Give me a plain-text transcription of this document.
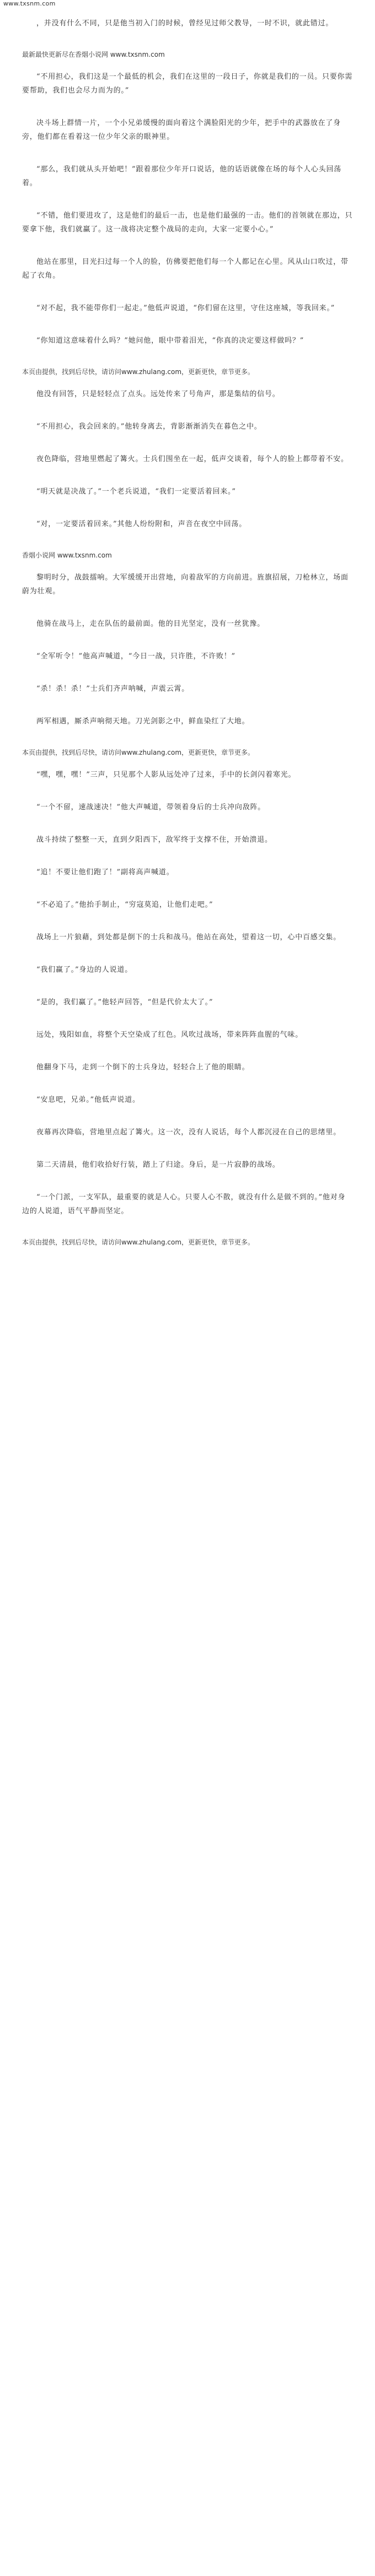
www.txsnm.com
，并没有什么不同，只是他当初入门的时候，曾经见过师父教导，一时不识，就此错过。
最新最快更新尽在香烟小说网 www.txsnm.com
“不用担心，我们这是一个最低的机会，我们在这里的一段日子，你就是我们的一员。只要你需要帮助，我们也会尽力而为的。”
决斗场上群情一片，一个小兄弟缓慢的面向着这个满脸阳光的少年，把手中的武器放在了身旁，他们都在看着这一位少年父亲的眼神里。
“那么，我们就从头开始吧！”跟着那位少年开口说话，他的话语就像在场的每个人心头回荡着。
“不错，他们要进攻了，这是他们的最后一击，也是他们最强的一击。他们的首领就在那边，只要拿下他，我们就赢了。这一战将决定整个战局的走向，大家一定要小心。”
他站在那里，目光扫过每一个人的脸，仿佛要把他们每一个人都记在心里。风从山口吹过，带起了衣角。
“对不起，我不能带你们一起走。”他低声说道，“你们留在这里，守住这座城，等我回来。”
“你知道这意味着什么吗？”她问他，眼中带着泪光，“你真的决定要这样做吗？”
本页由提供，找到后尽快，请访问www.zhulang.com，更新更快，章节更多。
他没有回答，只是轻轻点了点头。远处传来了号角声，那是集结的信号。
“不用担心，我会回来的。”他转身离去，背影渐渐消失在暮色之中。
夜色降临，营地里燃起了篝火。士兵们围坐在一起，低声交谈着，每个人的脸上都带着不安。
“明天就是决战了。”一个老兵说道，“我们一定要活着回来。”
“对，一定要活着回来。”其他人纷纷附和，声音在夜空中回荡。
香烟小说网 www.txsnm.com
黎明时分，战鼓擂响。大军缓缓开出营地，向着敌军的方向前进。旌旗招展，刀枪林立，场面蔚为壮观。
他骑在战马上，走在队伍的最前面。他的目光坚定，没有一丝犹豫。
“全军听令！”他高声喊道，“今日一战，只许胜，不许败！”
“杀！杀！杀！”士兵们齐声呐喊，声震云霄。
两军相遇，厮杀声响彻天地。刀光剑影之中，鲜血染红了大地。
本页由提供，找到后尽快，请访问www.zhulang.com，更新更快，章节更多。
“嘿，嘿，嘿！”三声，只见那个人影从远处冲了过来，手中的长剑闪着寒光。
“一个不留，速战速决！”他大声喊道，带领着身后的士兵冲向敌阵。
战斗持续了整整一天，直到夕阳西下，敌军终于支撑不住，开始溃退。
“追！不要让他们跑了！”副将高声喊道。
“不必追了。”他抬手制止，“穷寇莫追，让他们走吧。”
战场上一片狼藉，到处都是倒下的士兵和战马。他站在高处，望着这一切，心中百感交集。
“我们赢了。”身边的人说道。
“是的，我们赢了。”他轻声回答，“但是代价太大了。”
远处，残阳如血，将整个天空染成了红色。风吹过战场，带来阵阵血腥的气味。
他翻身下马，走到一个倒下的士兵身边，轻轻合上了他的眼睛。
“安息吧，兄弟。”他低声说道。
夜幕再次降临，营地里点起了篝火。这一次，没有人说话，每个人都沉浸在自己的思绪里。
第二天清晨，他们收拾好行装，踏上了归途。身后，是一片寂静的战场。
“一个门派，一支军队，最重要的就是人心。只要人心不散，就没有什么是做不到的。”他对身边的人说道，语气平静而坚定。
本页由提供，找到后尽快，请访问www.zhulang.com，更新更快，章节更多。
